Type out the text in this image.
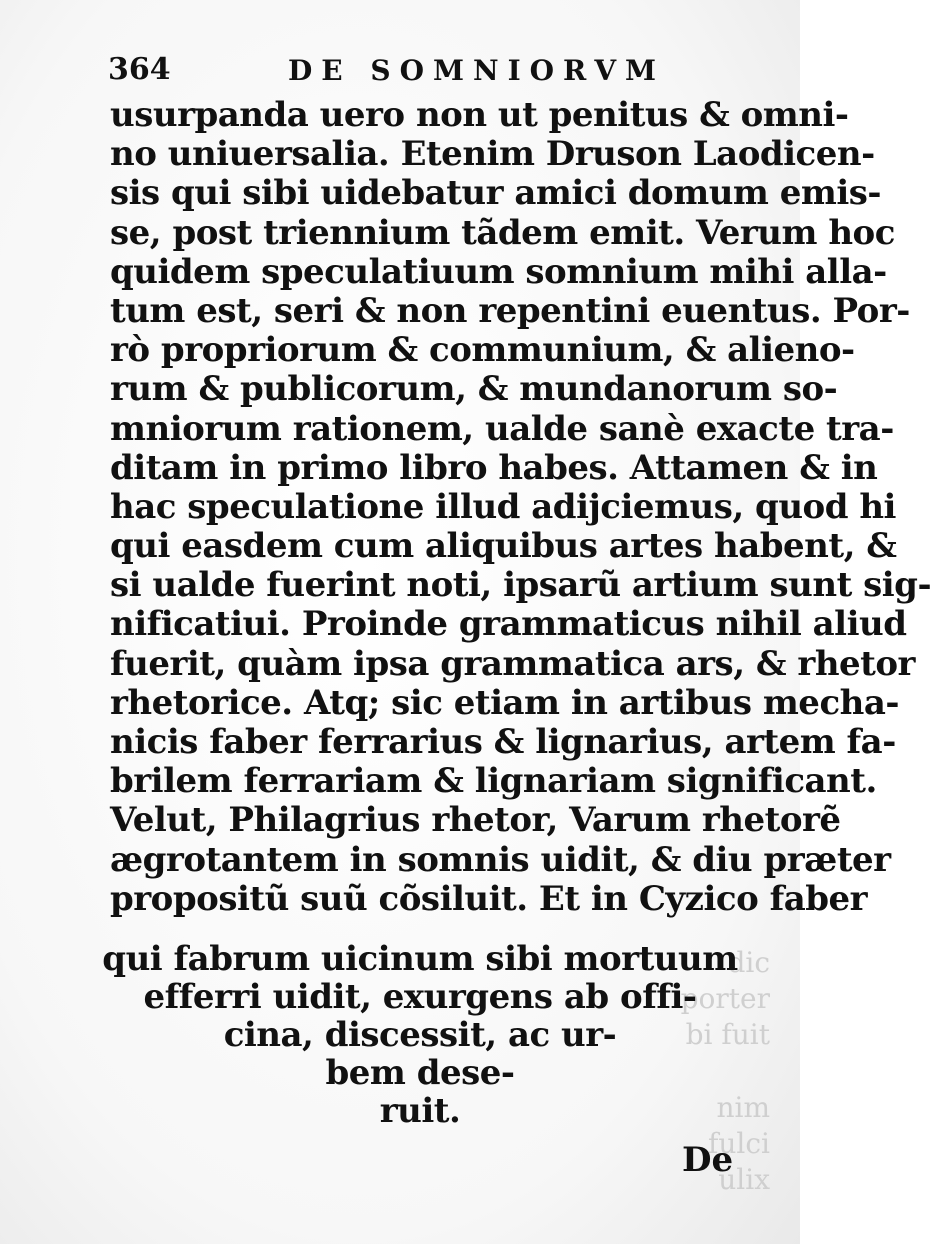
dic
porter
bi fuit
nim
fulci
ulix
364	DE SOMNIORVM
usurpanda uero non ut penitus & omni-
no uniuersalia. Etenim Druson Laodicen-
sis qui sibi uidebatur amici domum emis-
se, post triennium tãdem emit. Verum hoc
quidem speculatiuum somnium mihi alla-
tum est, seri & non repentini euentus. Por-
rò propriorum & communium, & alieno-
rum & publicorum, & mundanorum so-
mniorum rationem, ualde sanè exacte tra-
ditam in primo libro habes. Attamen & in
hac speculatione illud adijciemus, quod hi
qui easdem cum aliquibus artes habent, &
si ualde fuerint noti, ipsarũ artium sunt sig-
nificatiui. Proinde grammaticus nihil aliud
fuerit, quàm ipsa grammatica ars, & rhetor
rhetorice. Atq; sic etiam in artibus mecha-
nicis faber ferrarius & lignarius, artem fa-
brilem ferrariam & lignariam significant.
Velut, Philagrius rhetor, Varum rhetorẽ
ægrotantem in somnis uidit, & diu præter
propositũ suũ cõsiluit. Et in Cyzico faber
qui fabrum uicinum sibi mortuum
efferri uidit, exurgens ab offi-
cina, discessit, ac ur-
bem dese-
ruit.
De
